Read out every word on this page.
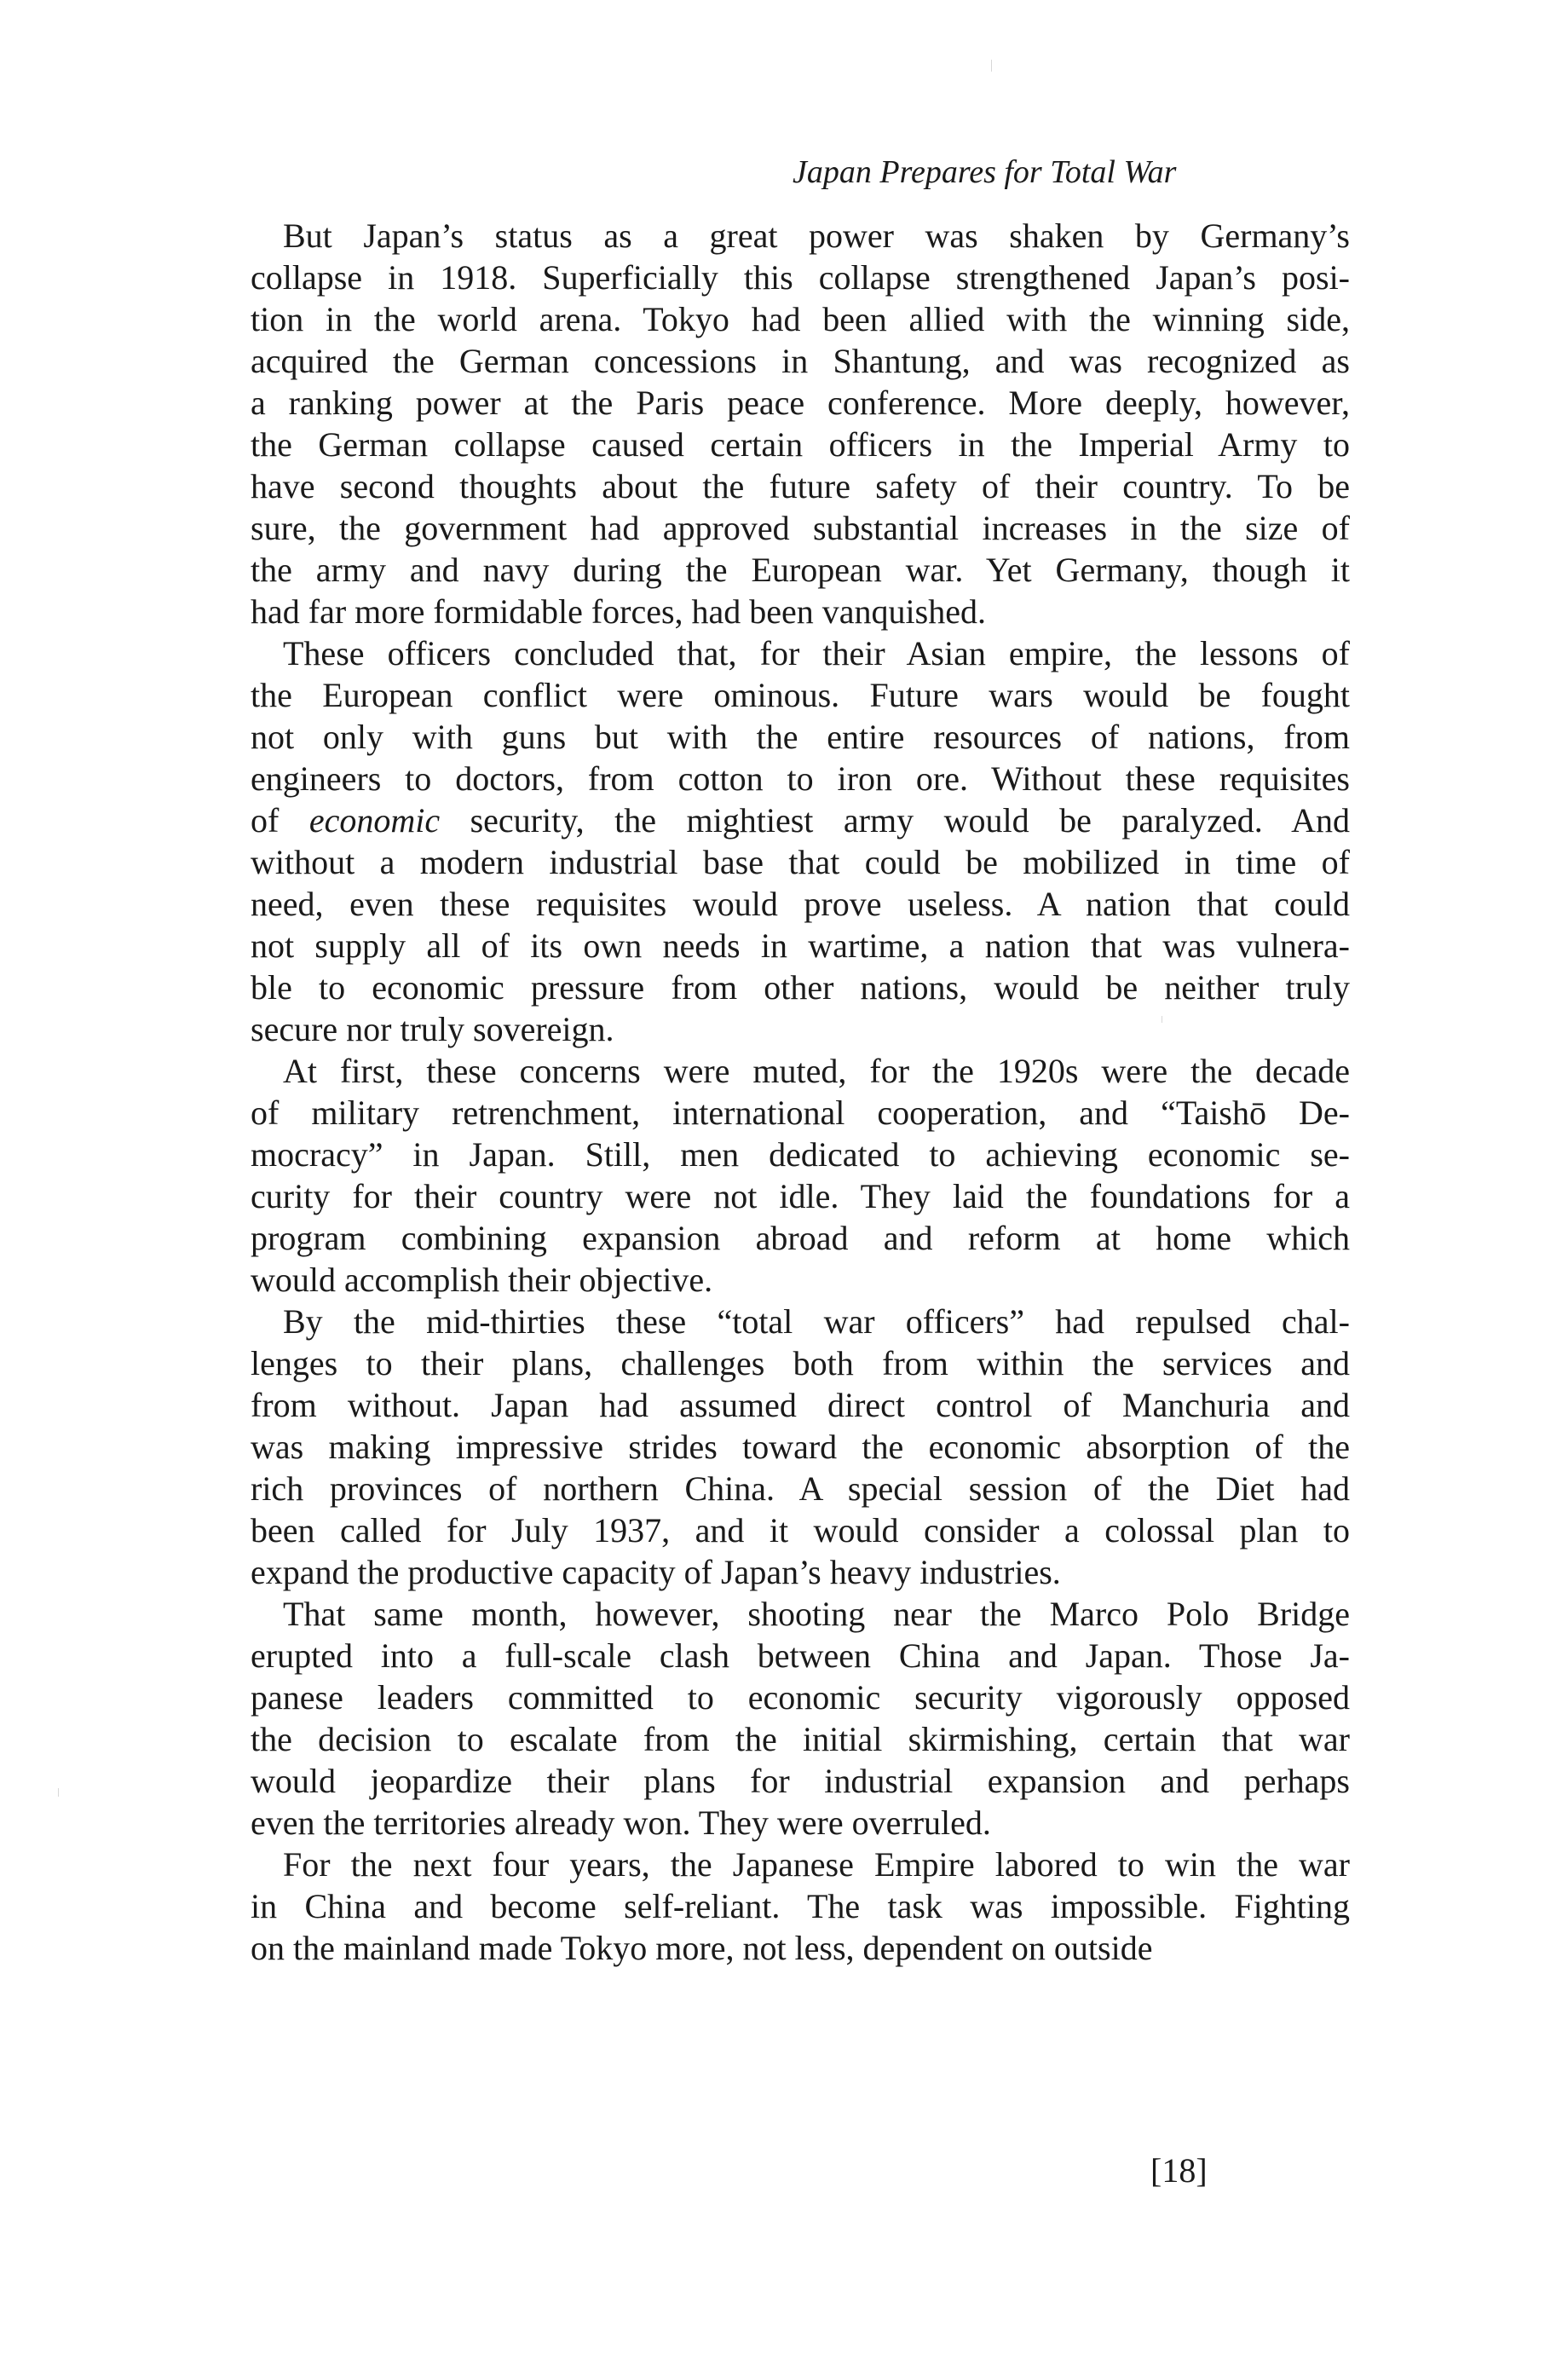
Japan Prepares for Total War
But Japan’s status as a great power was shaken by Germany’s
collapse in 1918. Superficially this collapse strengthened Japan’s posi-
tion in the world arena. Tokyo had been allied with the winning side,
acquired the German concessions in Shantung, and was recognized as
a ranking power at the Paris peace conference. More deeply, however,
the German collapse caused certain officers in the Imperial Army to
have second thoughts about the future safety of their country. To be
sure, the government had approved substantial increases in the size of
the army and navy during the European war. Yet Germany, though it
had far more formidable forces, had been vanquished.
These officers concluded that, for their Asian empire, the lessons of
the European conflict were ominous. Future wars would be fought
not only with guns but with the entire resources of nations, from
engineers to doctors, from cotton to iron ore. Without these requisites
of economic security, the mightiest army would be paralyzed. And
without a modern industrial base that could be mobilized in time of
need, even these requisites would prove useless. A nation that could
not supply all of its own needs in wartime, a nation that was vulnera-
ble to economic pressure from other nations, would be neither truly
secure nor truly sovereign.
At first, these concerns were muted, for the 1920s were the decade
of military retrenchment, international cooperation, and “Taishō De-
mocracy” in Japan. Still, men dedicated to achieving economic se-
curity for their country were not idle. They laid the foundations for a
program combining expansion abroad and reform at home which
would accomplish their objective.
By the mid-thirties these “total war officers” had repulsed chal-
lenges to their plans, challenges both from within the services and
from without. Japan had assumed direct control of Manchuria and
was making impressive strides toward the economic absorption of the
rich provinces of northern China. A special session of the Diet had
been called for July 1937, and it would consider a colossal plan to
expand the productive capacity of Japan’s heavy industries.
That same month, however, shooting near the Marco Polo Bridge
erupted into a full-scale clash between China and Japan. Those Ja-
panese leaders committed to economic security vigorously opposed
the decision to escalate from the initial skirmishing, certain that war
would jeopardize their plans for industrial expansion and perhaps
even the territories already won. They were overruled.
For the next four years, the Japanese Empire labored to win the war
in China and become self-reliant. The task was impossible. Fighting
on the mainland made Tokyo more, not less, dependent on outside
[18]
